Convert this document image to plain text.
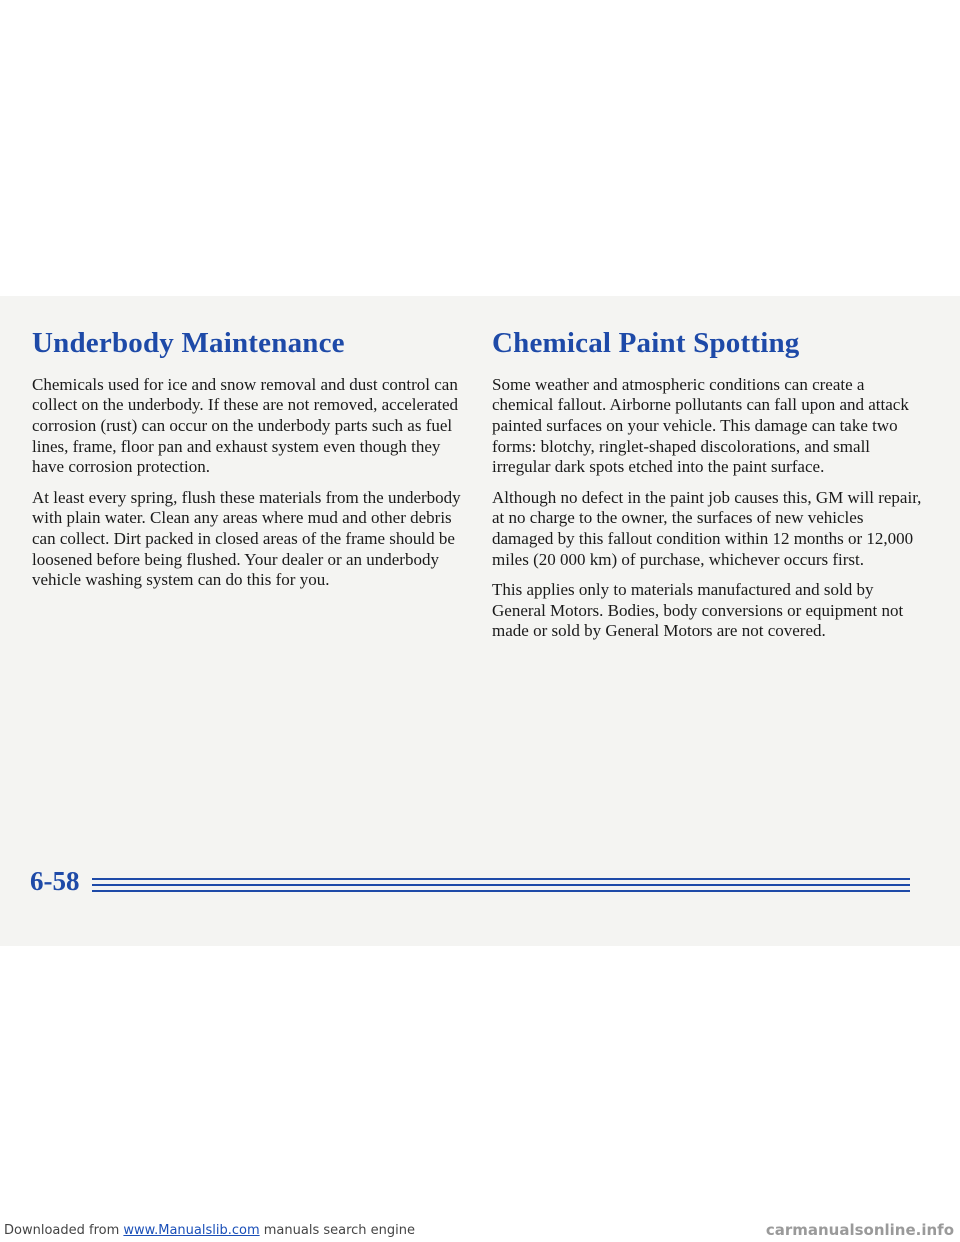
Underbody Maintenance

Chemicals used for ice and snow removal and dust control can collect on the underbody. If these are not removed, accelerated corrosion (rust) can occur on the underbody parts such as fuel lines, frame, floor pan and exhaust system even though they have corrosion protection.

At least every spring, flush these materials from the underbody with plain water. Clean any areas where mud and other debris can collect. Dirt packed in closed areas of the frame should be loosened before being flushed. Your dealer or an underbody vehicle washing system can do this for you.

Chemical Paint Spotting

Some weather and atmospheric conditions can create a chemical fallout. Airborne pollutants can fall upon and attack painted surfaces on your vehicle. This damage can take two forms: blotchy, ringlet-shaped discolorations, and small irregular dark spots etched into the paint surface.

Although no defect in the paint job causes this, GM will repair, at no charge to the owner, the surfaces of new vehicles damaged by this fallout condition within 12 months or 12,000 miles (20 000 km) of purchase, whichever occurs first.

This applies only to materials manufactured and sold by General Motors. Bodies, body conversions or equipment not made or sold by General Motors are not covered.

6-58
Downloaded from www.Manualslib.com manuals search engine	carmanualsonline.info
